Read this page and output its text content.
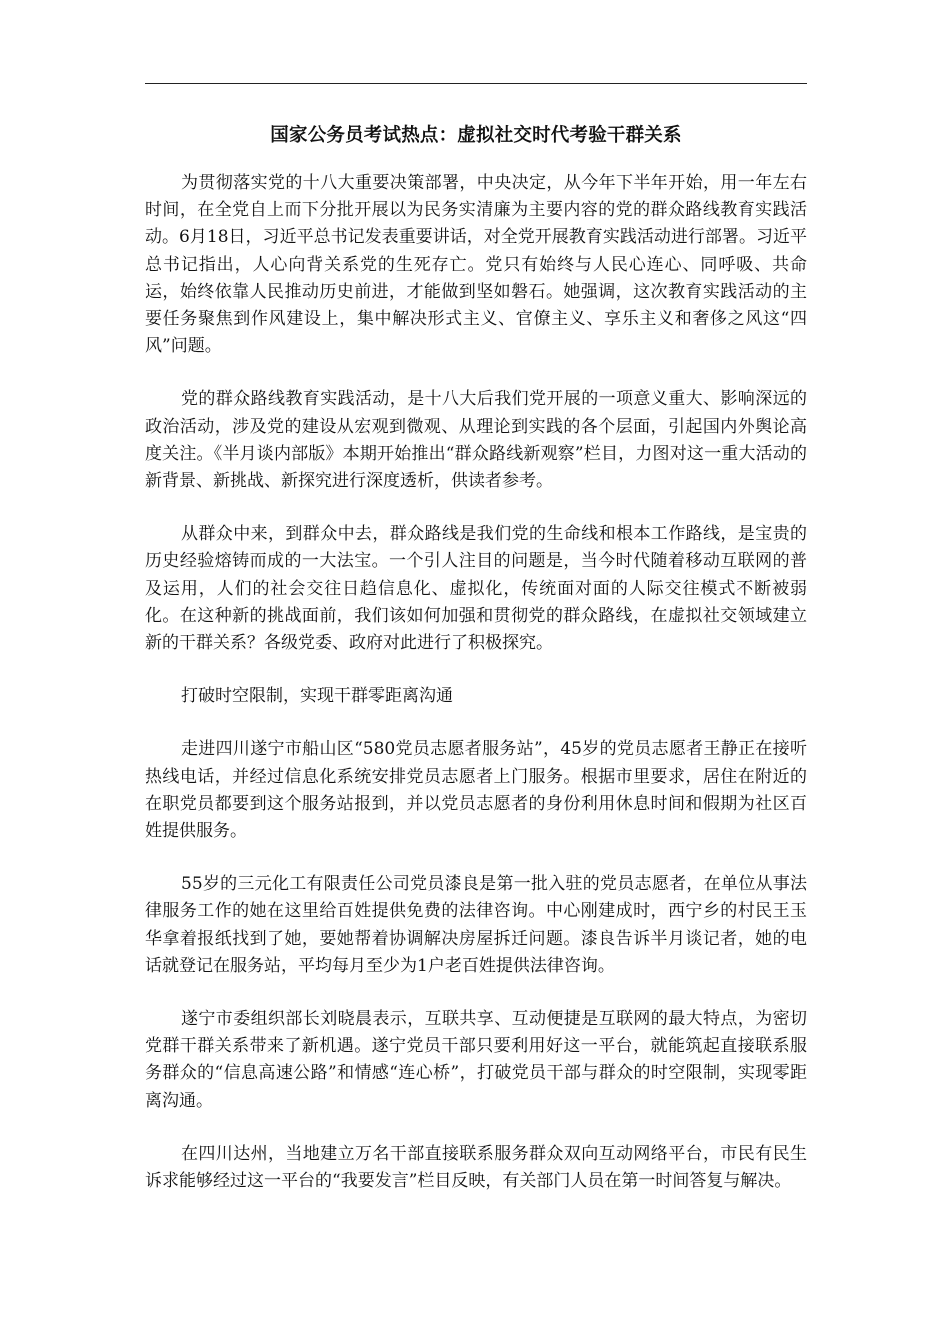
国家公务员考试热点：虚拟社交时代考验干群关系

为贯彻落实党的十八大重要决策部署，中央决定，从今年下半年开始，用一年左右时间，在全党自上而下分批开展以为民务实清廉为主要内容的党的群众路线教育实践活动。6月18日，习近平总书记发表重要讲话，对全党开展教育实践活动进行部署。习近平总书记指出，人心向背关系党的生死存亡。党只有始终与人民心连心、同呼吸、共命运，始终依靠人民推动历史前进，才能做到坚如磐石。她强调，这次教育实践活动的主要任务聚焦到作风建设上，集中解决形式主义、官僚主义、享乐主义和奢侈之风这“四风”问题。

党的群众路线教育实践活动，是十八大后我们党开展的一项意义重大、影响深远的政治活动，涉及党的建设从宏观到微观、从理论到实践的各个层面，引起国内外舆论高度关注。《半月谈内部版》本期开始推出“群众路线新观察”栏目，力图对这一重大活动的新背景、新挑战、新探究进行深度透析，供读者参考。

从群众中来，到群众中去，群众路线是我们党的生命线和根本工作路线，是宝贵的历史经验熔铸而成的一大法宝。一个引人注目的问题是，当今时代随着移动互联网的普及运用，人们的社会交往日趋信息化、虚拟化，传统面对面的人际交往模式不断被弱化。在这种新的挑战面前，我们该如何加强和贯彻党的群众路线，在虚拟社交领域建立新的干群关系？各级党委、政府对此进行了积极探究。

打破时空限制，实现干群零距离沟通

走进四川遂宁市船山区“580党员志愿者服务站”，45岁的党员志愿者王静正在接听热线电话，并经过信息化系统安排党员志愿者上门服务。根据市里要求，居住在附近的在职党员都要到这个服务站报到，并以党员志愿者的身份利用休息时间和假期为社区百姓提供服务。

55岁的三元化工有限责任公司党员漆良是第一批入驻的党员志愿者，在单位从事法律服务工作的她在这里给百姓提供免费的法律咨询。中心刚建成时，西宁乡的村民王玉华拿着报纸找到了她，要她帮着协调解决房屋拆迁问题。漆良告诉半月谈记者，她的电话就登记在服务站，平均每月至少为1户老百姓提供法律咨询。

遂宁市委组织部长刘晓晨表示，互联共享、互动便捷是互联网的最大特点，为密切党群干群关系带来了新机遇。遂宁党员干部只要利用好这一平台，就能筑起直接联系服务群众的“信息高速公路”和情感“连心桥”，打破党员干部与群众的时空限制，实现零距离沟通。

在四川达州，当地建立万名干部直接联系服务群众双向互动网络平台，市民有民生诉求能够经过这一平台的“我要发言”栏目反映，有关部门人员在第一时间答复与解决。
